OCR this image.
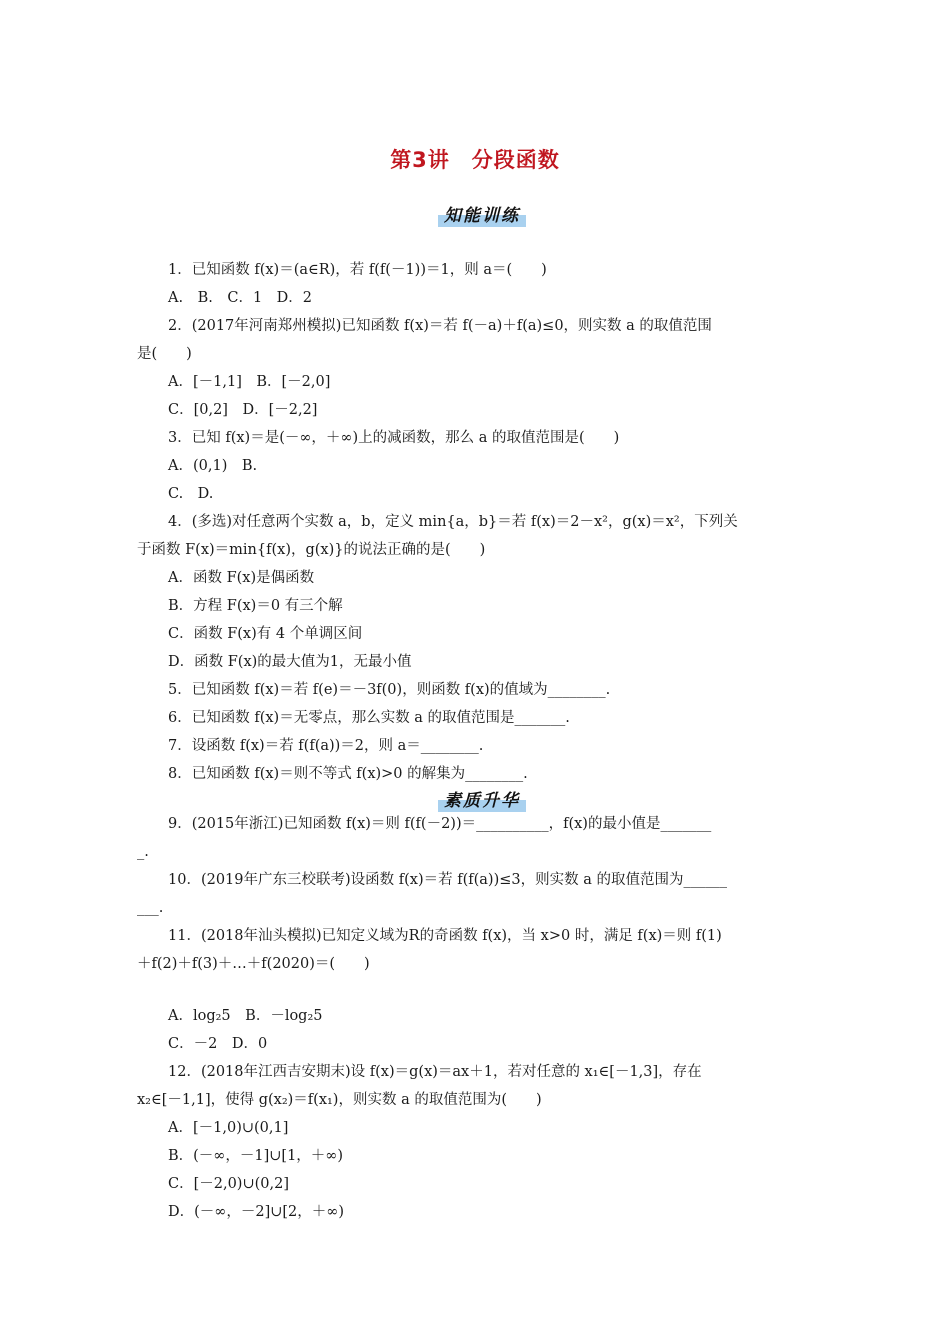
第3讲　分段函数
知能训练
1．已知函数 f(x)＝(a∈R)，若 f(f(－1))＝1，则 a＝(　　)
A.　B.　C．1　D．2
2．(2017年河南郑州模拟)已知函数 f(x)＝若 f(－a)＋f(a)≤0，则实数 a 的取值范围
是(　　)
A．[－1,1]　B．[－2,0]
C．[0,2]　D．[－2,2]
3．已知 f(x)＝是(－∞，＋∞)上的减函数，那么 a 的取值范围是(　　)
A．(0,1)　B.
C.　D.
4．(多选)对任意两个实数 a，b，定义 min{a，b}＝若 f(x)＝2－x²，g(x)＝x²，下列关
于函数 F(x)＝min{f(x)，g(x)}的说法正确的是(　　)
A．函数 F(x)是偶函数
B．方程 F(x)＝0 有三个解
C．函数 F(x)有 4 个单调区间
D．函数 F(x)的最大值为1，无最小值
5．已知函数 f(x)＝若 f(e)＝－3f(0)，则函数 f(x)的值域为________.
6．已知函数 f(x)＝无零点，那么实数 a 的取值范围是_______.
7．设函数 f(x)＝若 f(f(a))＝2，则 a＝________.
8．已知函数 f(x)＝则不等式 f(x)>0 的解集为________.
素质升华
9．(2015年浙江)已知函数 f(x)＝则 f(f(－2))＝__________，f(x)的最小值是_______
_.
10．(2019年广东三校联考)设函数 f(x)＝若 f(f(a))≤3，则实数 a 的取值范围为______
___.
11．(2018年汕头模拟)已知定义域为R的奇函数 f(x)，当 x>0 时，满足 f(x)＝则 f(1)
＋f(2)＋f(3)＋…＋f(2020)＝(　　)
A．log₂5　B．－log₂5
C．－2　D．0
12．(2018年江西吉安期末)设 f(x)＝g(x)＝ax＋1，若对任意的 x₁∈[－1,3]，存在
x₂∈[－1,1]，使得 g(x₂)＝f(x₁)，则实数 a 的取值范围为(　　)
A．[－1,0)∪(0,1]
B．(－∞，－1]∪[1，＋∞)
C．[－2,0)∪(0,2]
D．(－∞，－2]∪[2，＋∞)
